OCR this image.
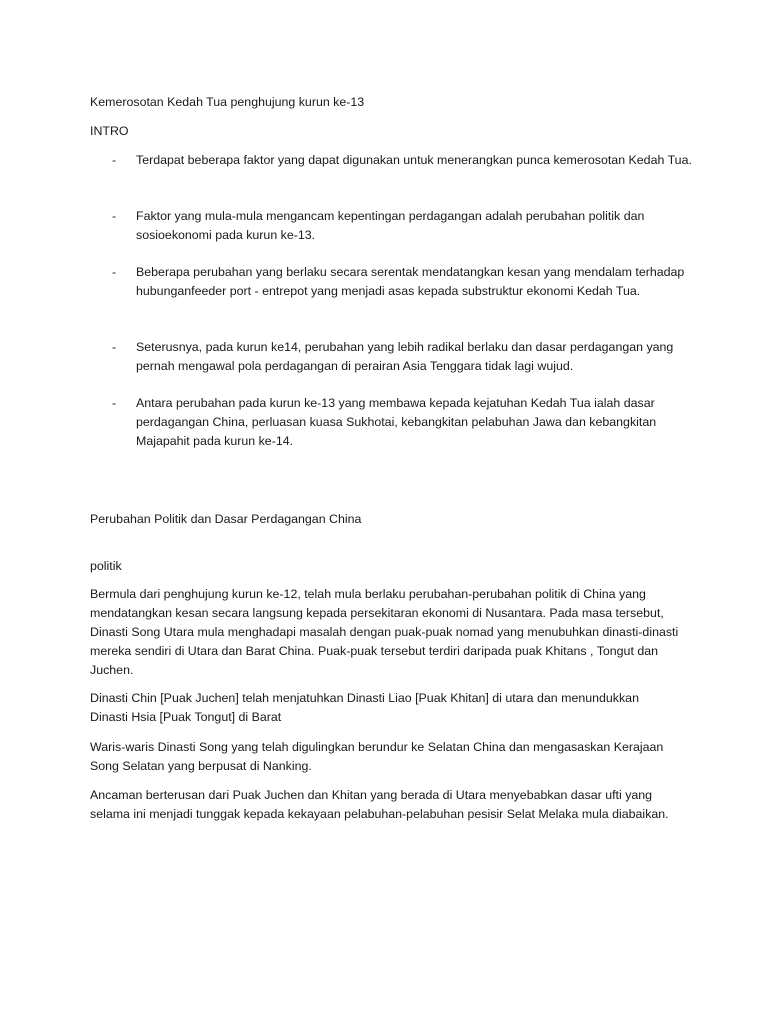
Kemerosotan Kedah Tua penghujung kurun ke-13

INTRO

-	Terdapat beberapa faktor yang dapat digunakan untuk menerangkan punca kemerosotan Kedah Tua.
-	Faktor yang mula-mula mengancam kepentingan perdagangan adalah perubahan politik dan sosioekonomi pada kurun ke-13.
-	Beberapa perubahan yang berlaku secara serentak mendatangkan kesan yang mendalam terhadap hubunganfeeder port - entrepot yang menjadi asas kepada substruktur ekonomi Kedah Tua.
-	Seterusnya, pada kurun ke14, perubahan yang lebih radikal berlaku dan dasar perdagangan yang pernah mengawal pola perdagangan di perairan Asia Tenggara tidak lagi wujud.
-	Antara perubahan pada kurun ke-13 yang membawa kepada kejatuhan Kedah Tua ialah dasar perdagangan China, perluasan kuasa Sukhotai, kebangkitan pelabuhan Jawa dan kebangkitan Majapahit pada kurun ke-14.

Perubahan Politik dan Dasar Perdagangan China

politik

Bermula dari penghujung kurun ke-12, telah mula berlaku perubahan-perubahan politik di China yang mendatangkan kesan secara langsung kepada persekitaran ekonomi di Nusantara. Pada masa tersebut, Dinasti Song Utara mula menghadapi masalah dengan puak-puak nomad yang menubuhkan dinasti-dinasti mereka sendiri di Utara dan Barat China. Puak-puak tersebut terdiri daripada puak Khitans , Tongut dan Juchen.

Dinasti Chin [Puak Juchen] telah menjatuhkan Dinasti Liao [Puak Khitan] di utara dan menundukkan Dinasti Hsia [Puak Tongut] di Barat

Waris-waris Dinasti Song yang telah digulingkan berundur ke Selatan China dan mengasaskan Kerajaan Song Selatan yang berpusat di Nanking.

Ancaman berterusan dari Puak Juchen dan Khitan yang berada di Utara menyebabkan dasar ufti yang selama ini menjadi tunggak kepada kekayaan pelabuhan-pelabuhan pesisir Selat Melaka mula diabaikan.
